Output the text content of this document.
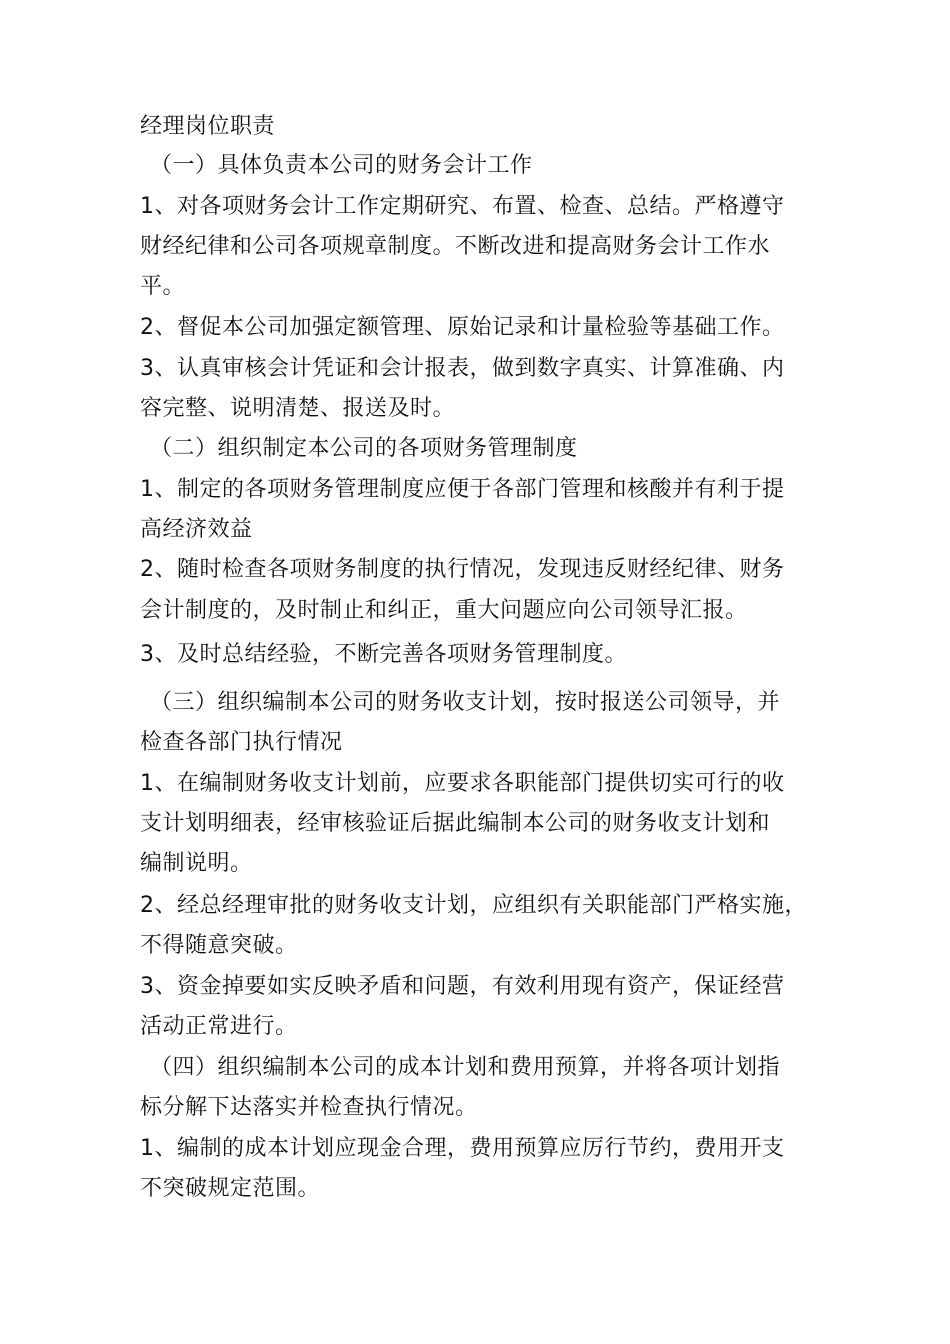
经理岗位职责
（一）具体负责本公司的财务会计工作
1、对各项财务会计工作定期研究、布置、检查、总结。严格遵守
财经纪律和公司各项规章制度。不断改进和提高财务会计工作水
平。
2、督促本公司加强定额管理、原始记录和计量检验等基础工作。
3、认真审核会计凭证和会计报表，做到数字真实、计算准确、内
容完整、说明清楚、报送及时。
（二）组织制定本公司的各项财务管理制度
1、制定的各项财务管理制度应便于各部门管理和核酸并有利于提
高经济效益
2、随时检查各项财务制度的执行情况，发现违反财经纪律、财务
会计制度的，及时制止和纠正，重大问题应向公司领导汇报。
3、及时总结经验，不断完善各项财务管理制度。
（三）组织编制本公司的财务收支计划，按时报送公司领导，并
检查各部门执行情况
1、在编制财务收支计划前，应要求各职能部门提供切实可行的收
支计划明细表，经审核验证后据此编制本公司的财务收支计划和
编制说明。
2、经总经理审批的财务收支计划，应组织有关职能部门严格实施，
不得随意突破。
3、资金掉要如实反映矛盾和问题，有效利用现有资产，保证经营
活动正常进行。
（四）组织编制本公司的成本计划和费用预算，并将各项计划指
标分解下达落实并检查执行情况。
1、编制的成本计划应现金合理，费用预算应厉行节约，费用开支
不突破规定范围。
